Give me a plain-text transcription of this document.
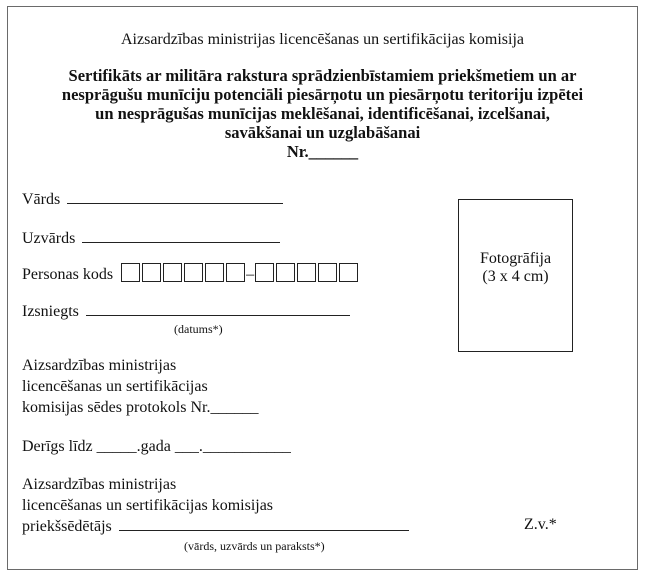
Aizsardzības ministrijas licencēšanas un sertifikācijas komisija
Sertifikāts ar militāra rakstura sprādzienbīstamiem priekšmetiem un ar
nesprāgušu munīciju potenciāli piesārņotu un piesārņotu teritoriju izpētei
un nesprāgušas munīcijas meklēšanai, identificēšanai, izcelšanai,
savākšanai un uzglabāšanai
Nr.______
Vārds
Uzvārds
Personas kods	–
Izsniegts
(datums*)
Fotogrāfija
(3 x 4 cm)
Aizsardzības ministrijas
licencēšanas un sertifikācijas
komisijas sēdes protokols Nr.______
Derīgs līdz _____.gada ___.___________
Aizsardzības ministrijas
licencēšanas un sertifikācijas komisijas
priekšsēdētājs
(vārds, uzvārds un paraksts*)
Z.v.*
